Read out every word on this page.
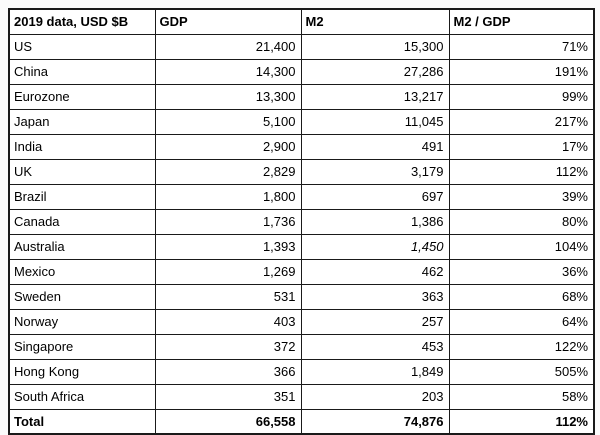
2019 data, USD $B	GDP	M2	M2 / GDP
US	21,400	15,300	71%
China	14,300	27,286	191%
Eurozone	13,300	13,217	99%
Japan	5,100	11,045	217%
India	2,900	491	17%
UK	2,829	3,179	112%
Brazil	1,800	697	39%
Canada	1,736	1,386	80%
Australia	1,393	1,450	104%
Mexico	1,269	462	36%
Sweden	531	363	68%
Norway	403	257	64%
Singapore	372	453	122%
Hong Kong	366	1,849	505%
South Africa	351	203	58%
Total	66,558	74,876	112%
